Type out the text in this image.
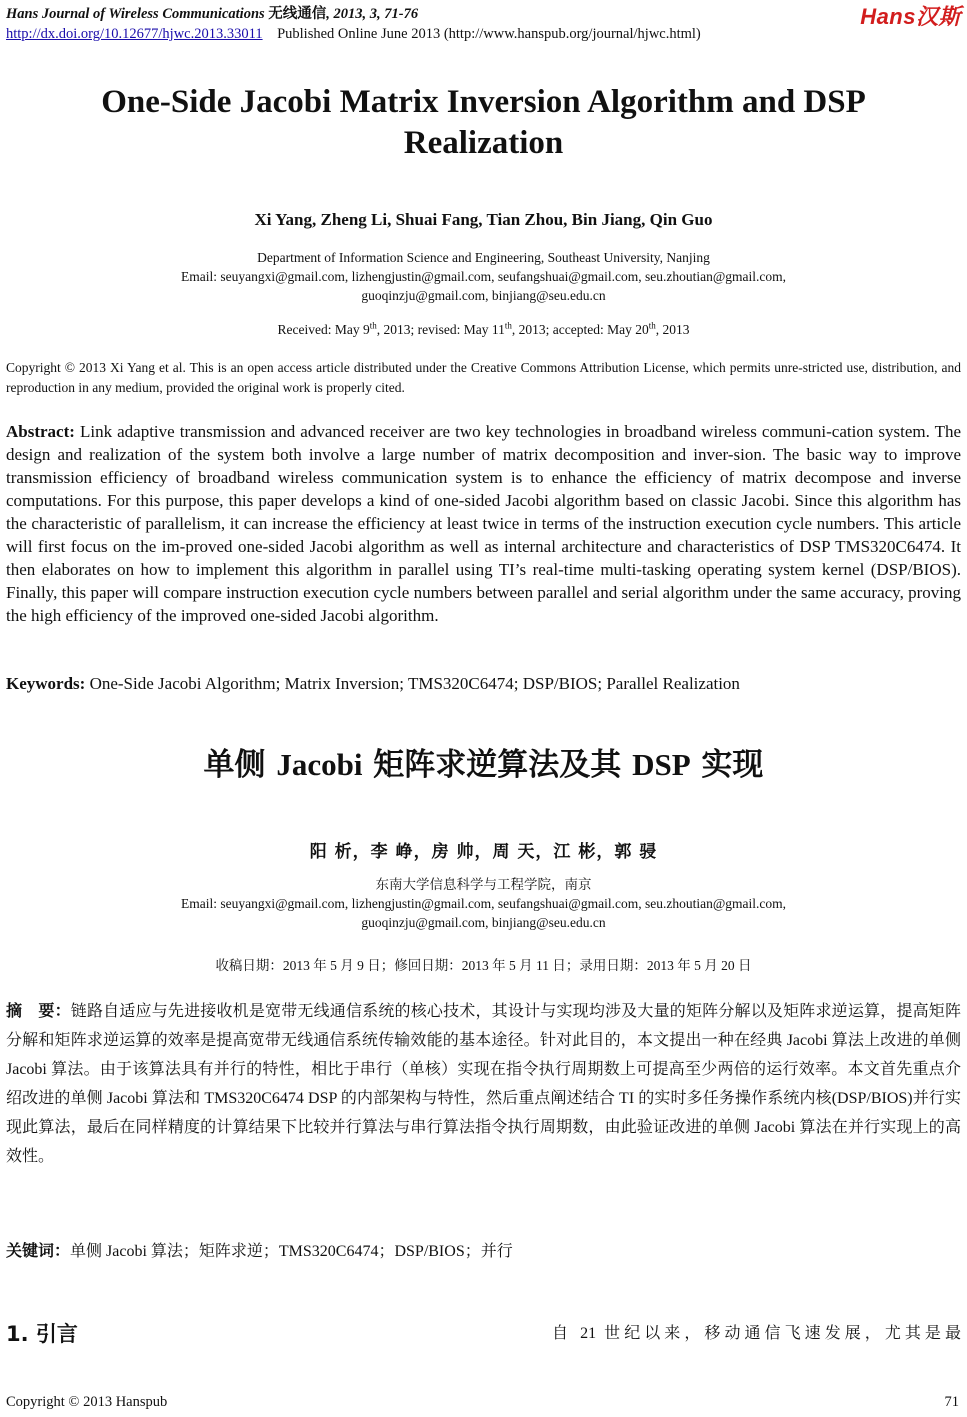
Hans Journal of Wireless Communications 无线通信, 2013, 3, 71-76
http://dx.doi.org/10.12677/hjwc.2013.33011 Published Online June 2013 (http://www.hanspub.org/journal/hjwc.html)
Hans汉斯
One-Side Jacobi Matrix Inversion Algorithm and DSP Realization
Xi Yang, Zheng Li, Shuai Fang, Tian Zhou, Bin Jiang, Qin Guo
Department of Information Science and Engineering, Southeast University, Nanjing
Email: seuyangxi@gmail.com, lizhengjustin@gmail.com, seufangshuai@gmail.com, seu.zhoutian@gmail.com,
guoqinzju@gmail.com, binjiang@seu.edu.cn
Received: May 9th, 2013; revised: May 11th, 2013; accepted: May 20th, 2013
Copyright © 2013 Xi Yang et al. This is an open access article distributed under the Creative Commons Attribution License, which permits unre-stricted use, distribution, and reproduction in any medium, provided the original work is properly cited.
Abstract: Link adaptive transmission and advanced receiver are two key technologies in broadband wireless communi-cation system. The design and realization of the system both involve a large number of matrix decomposition and inver-sion. The basic way to improve transmission efficiency of broadband wireless communication system is to enhance the efficiency of matrix decompose and inverse computations. For this purpose, this paper develops a kind of one-sided Jacobi algorithm based on classic Jacobi. Since this algorithm has the characteristic of parallelism, it can increase the efficiency at least twice in terms of the instruction execution cycle numbers. This article will first focus on the im-proved one-sided Jacobi algorithm as well as internal architecture and characteristics of DSP TMS320C6474. It then elaborates on how to implement this algorithm in parallel using TI’s real-time multi-tasking operating system kernel (DSP/BIOS). Finally, this paper will compare instruction execution cycle numbers between parallel and serial algorithm under the same accuracy, proving the high efficiency of the improved one-sided Jacobi algorithm.
Keywords: One-Side Jacobi Algorithm; Matrix Inversion; TMS320C6474; DSP/BIOS; Parallel Realization
单侧 Jacobi 矩阵求逆算法及其 DSP 实现
阳 析，李 峥，房 帅，周 天，江 彬，郭 骎
东南大学信息科学与工程学院，南京
Email: seuyangxi@gmail.com, lizhengjustin@gmail.com, seufangshuai@gmail.com, seu.zhoutian@gmail.com,
guoqinzju@gmail.com, binjiang@seu.edu.cn
收稿日期：2013 年 5 月 9 日；修回日期：2013 年 5 月 11 日；录用日期：2013 年 5 月 20 日
摘　要：链路自适应与先进接收机是宽带无线通信系统的核心技术，其设计与实现均涉及大量的矩阵分解以及矩阵求逆运算，提高矩阵分解和矩阵求逆运算的效率是提高宽带无线通信系统传输效能的基本途径。针对此目的，本文提出一种在经典 Jacobi 算法上改进的单侧 Jacobi 算法。由于该算法具有并行的特性，相比于串行（单核）实现在指令执行周期数上可提高至少两倍的运行效率。本文首先重点介绍改进的单侧 Jacobi 算法和 TMS320C6474 DSP 的内部架构与特性，然后重点阐述结合 TI 的实时多任务操作系统内核(DSP/BIOS)并行实现此算法，最后在同样精度的计算结果下比较并行算法与串行算法指令执行周期数，由此验证改进的单侧 Jacobi 算法在并行实现上的高效性。
关键词：单侧 Jacobi 算法；矩阵求逆；TMS320C6474；DSP/BIOS；并行
1. 引言	自 21 世纪以来，移动通信飞速发展，尤其是最
Copyright © 2013 Hanspub	71
